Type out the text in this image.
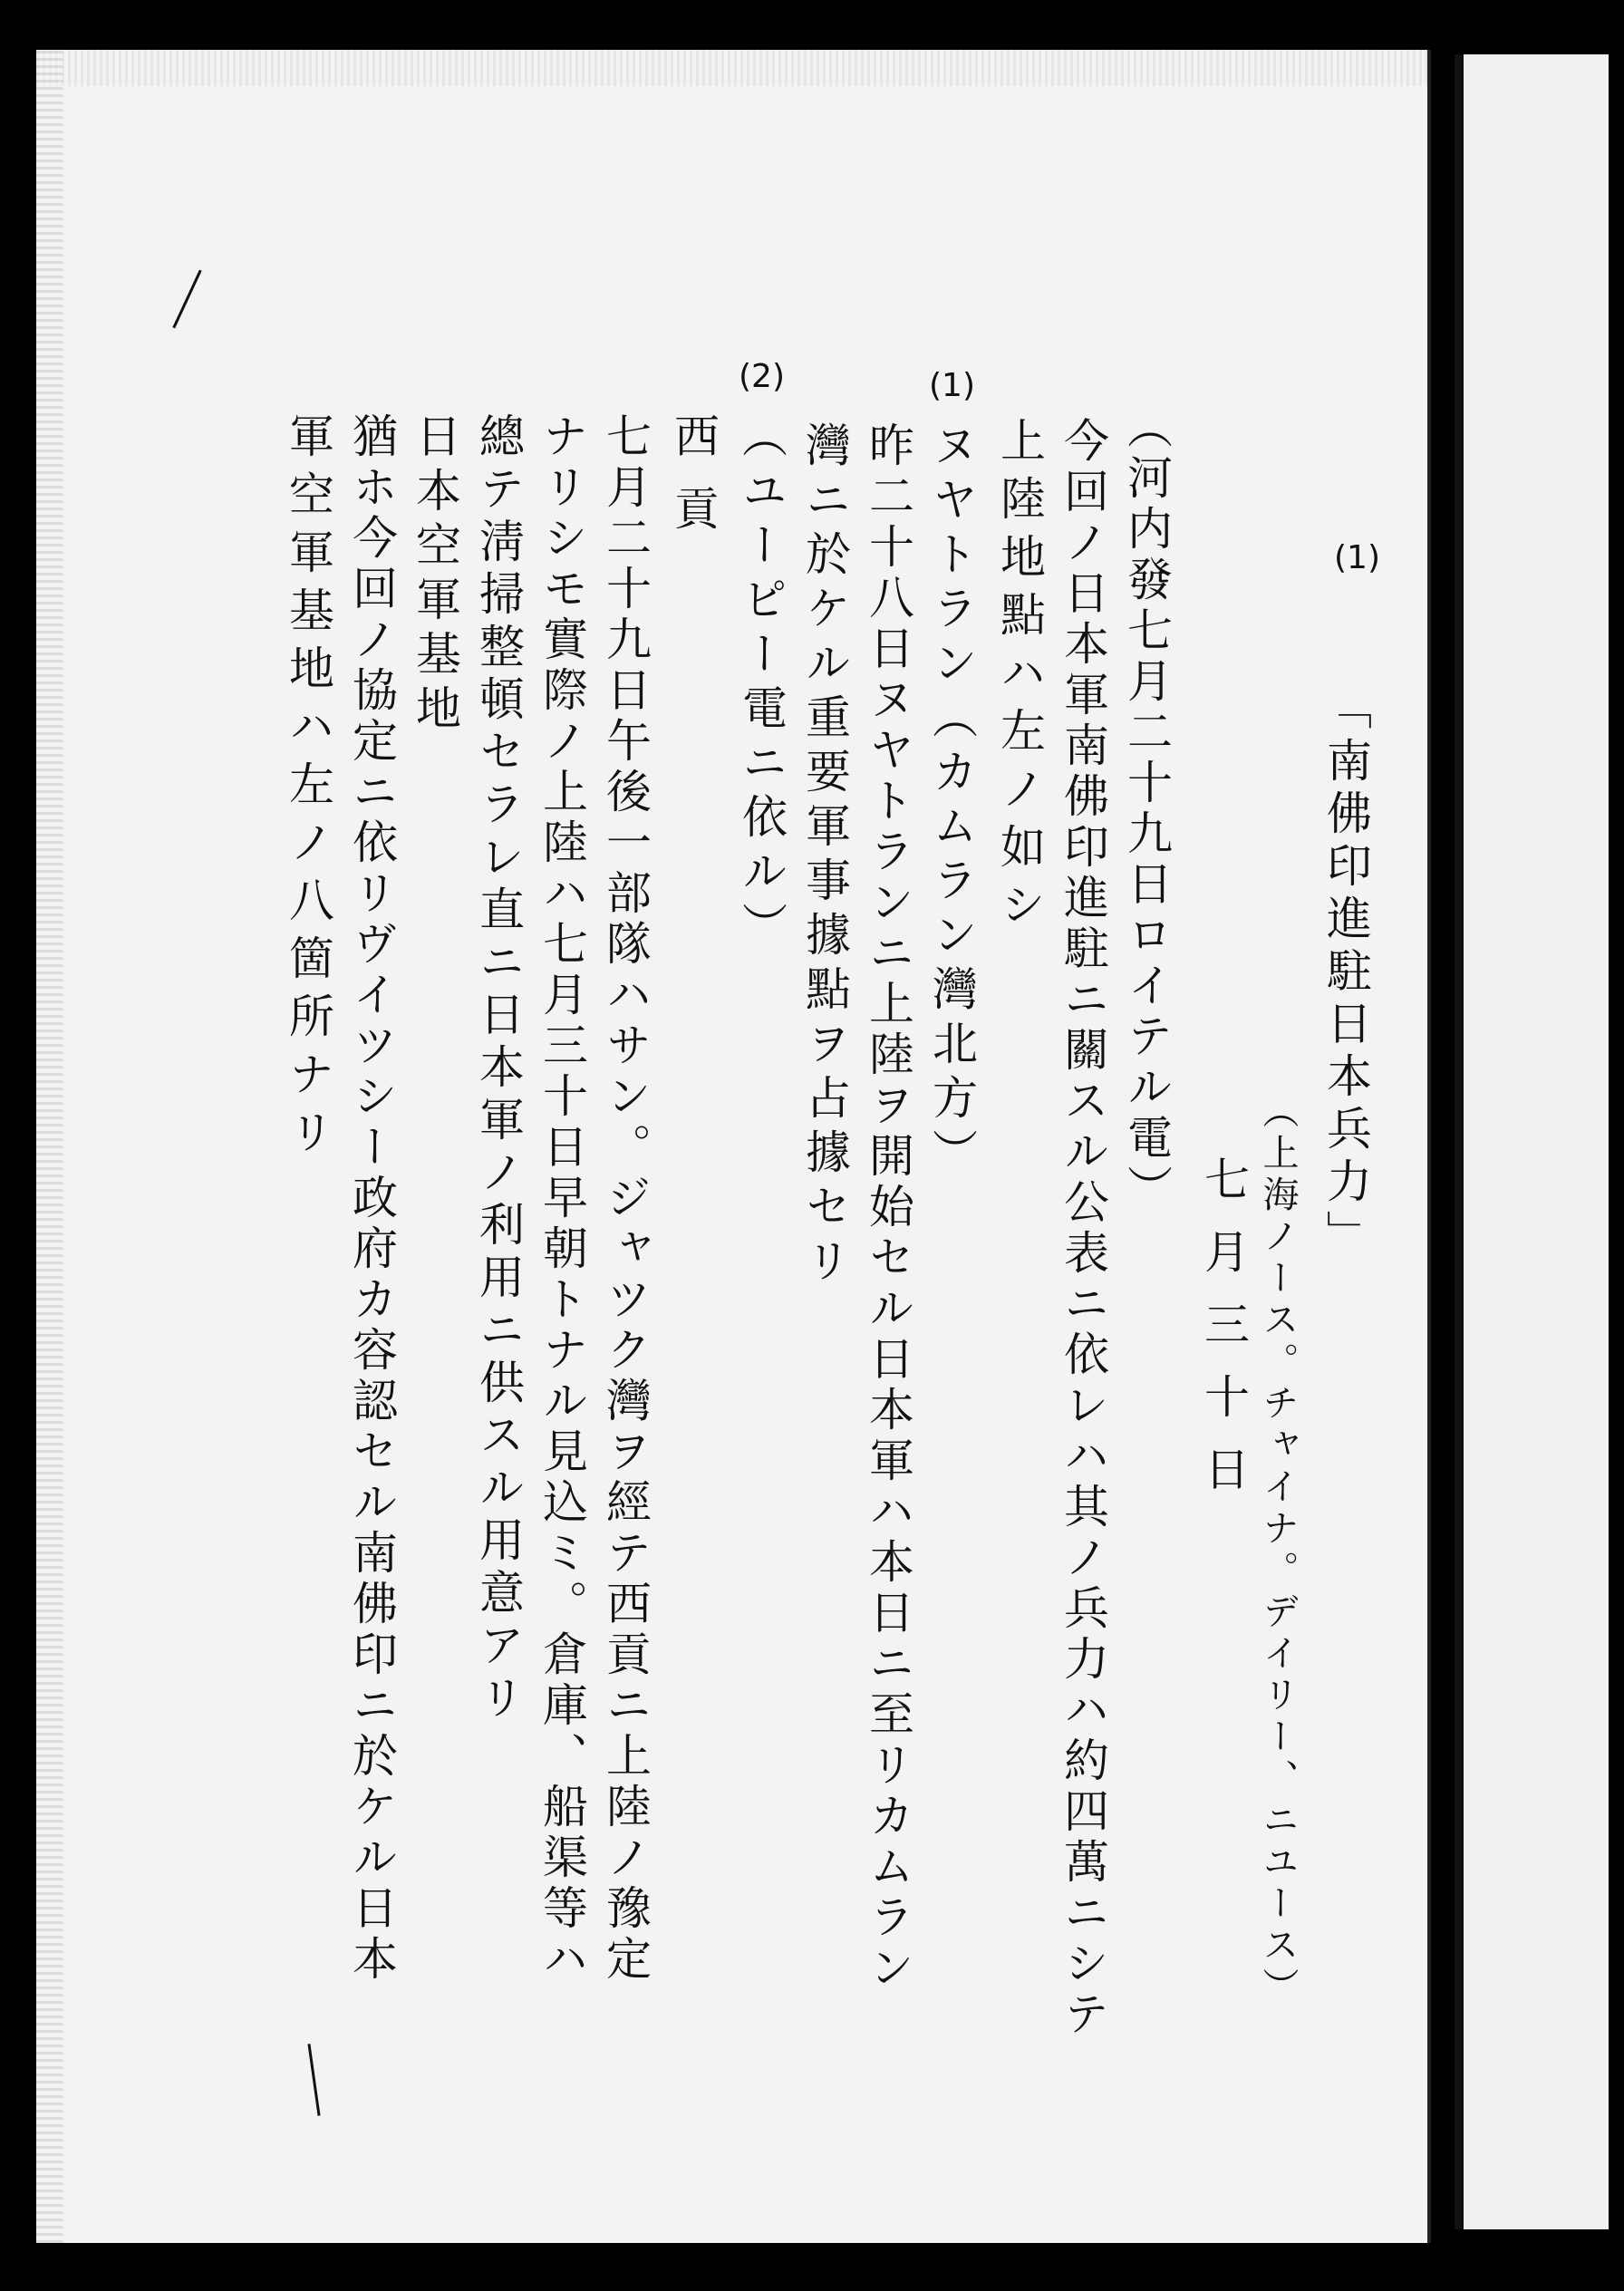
(1)
「南佛印進駐日本兵力」
（上海ノース。チャイナ。デイリー、ニユース）
七月三十日
（河内發七月二十九日ロイテル電）
今回ノ日本軍南佛印進駐ニ關スル公表ニ依レハ其ノ兵力ハ約四萬ニシテ
上陸地點ハ左ノ如シ
(1)
ヌヤトラン（カムラン灣北方）
昨二十八日ヌヤトランニ上陸ヲ開始セル日本軍ハ本日ニ至リカムラン
灣ニ於ケル重要軍事據點ヲ占據セリ
(2)
（ユーピー電ニ依ル）
西貢
七月二十九日午後一部隊ハサン。ジャツク灣ヲ經テ西貢ニ上陸ノ豫定
ナリシモ實際ノ上陸ハ七月三十日早朝トナル見込ミ。倉庫、船渠等ハ
總テ淸掃整頓セラレ直ニ日本軍ノ利用ニ供スル用意アリ
日本空軍基地
猶ホ今回ノ協定ニ依リヴイツシー政府カ容認セル南佛印ニ於ケル日本
軍空軍基地ハ左ノ八箇所ナリ
